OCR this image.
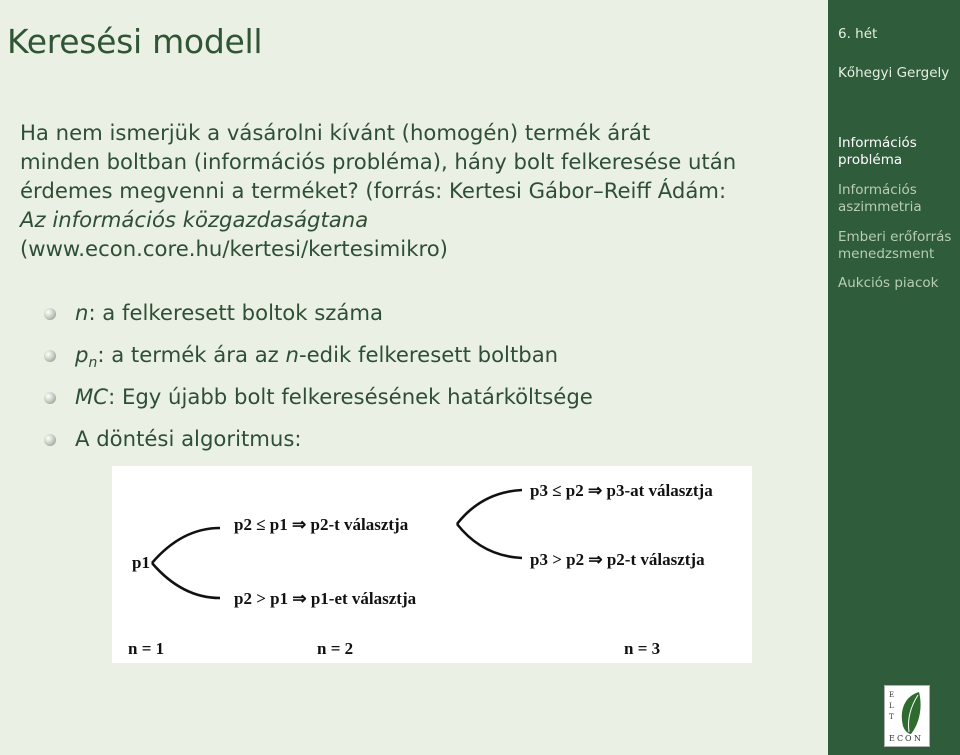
Keresési modell
Ha nem ismerjük a vásárolni kívánt (homogén) termék árát
minden boltban (információs probléma), hány bolt felkeresése után
érdemes megvenni a terméket? (forrás: Kertesi Gábor–Reiff Ádám:
Az információs közgazdaságtana
(www.econ.core.hu/kertesi/kertesimikro)
n: a felkeresett boltok száma
$p_n$: a termék ára az n-edik felkeresett boltban
MC: Egy újabb bolt felkeresésének határköltsége
A döntési algoritmus:
p1
p2 ≤ p1 ⇒ p2-t választja
p2 > p1 ⇒ p1-et választja
p3 ≤ p2 ⇒ p3-at választja
p3 > p2 ⇒ p2-t választja
n = 1	n = 2	n = 3
6. hét
Kőhegyi Gergely
Információs
probléma
Információs
aszimmetria
Emberi erőforrás
menedzsment
Aukciós piacok
E
L
T
E C O N
